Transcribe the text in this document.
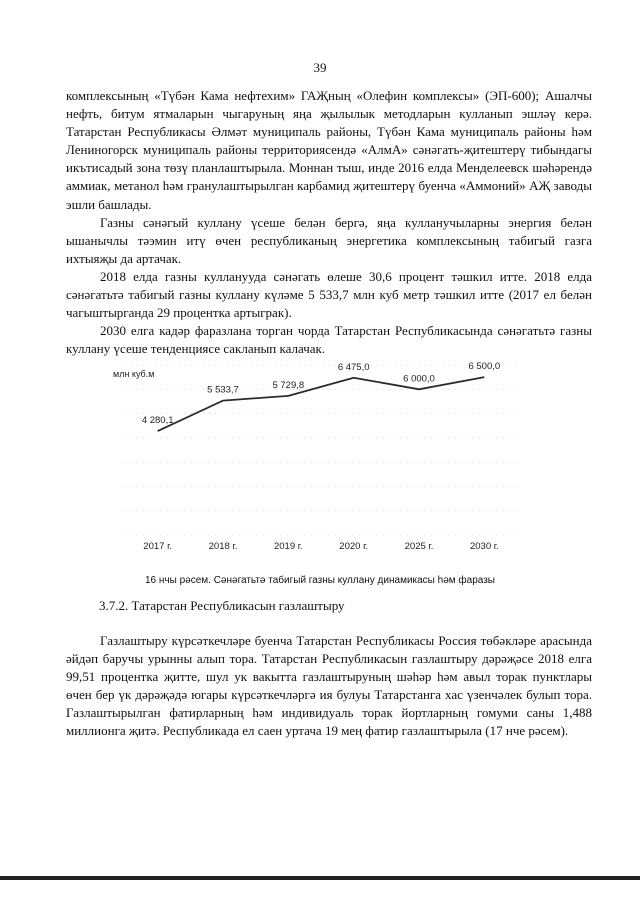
39

комплексының «Түбән Кама нефтехим» ГАҖның «Олефин комплексы» (ЭП-600); Ашалчы нефть, битум ятмаларын чыгаруның яңа җылылык методларын кулланып эшләү керә. Татарстан Республикасы Әлмәт муниципаль районы, Түбән Кама муниципаль районы һәм Лениногорск муниципаль районы территориясендә «АлмА» сәнәгать-җитештерү тибындагы икътисадый зона төзү планлаштырыла. Моннан тыш, инде 2016 елда Менделеевск шәһәрендә аммиак, метанол һәм гранулаштырылган карбамид җитештерү буенча «Аммоний» АҖ заводы эшли башлады.

Газны сәнәгый куллану үсеше белән бергә, яңа кулланучыларны энергия белән ышанычлы тәэмин итү өчен республиканың энергетика комплексының табигый газга ихтыяҗы да артачак.

2018 елда газны кулланууда сәнәгать өлеше 30,6 процент тәшкил итте. 2018 елда сәнәгатьтә табигый газны куллану күләме 5 533,7 млн куб метр тәшкил итте (2017 ел белән чагыштырганда 29 процентка артыграк).

2030 елга кадәр фаразлана торган чорда Татарстан Республикасында сәнәгатьтә газны куллану үсеше тенденциясе сакланып калачак.

млн куб.м
4 280,1
5 533,7	5 729,8
6 475,0
6 000,0
6 500,0
2017 г.	2018 г.	2019 г.	2020 г.	2025 г.	2030 г.
16 нчы рәсем. Сәнәгатьтә табигый газны куллану динамикасы һәм фаразы
3.7.2. Татарстан Республикасын газлаштыру

Газлаштыру күрсәткечләре буенча Татарстан Республикасы Россия төбәкләре арасында әйдәп баручы урынны алып тора. Татарстан Республикасын газлаштыру дәрәҗәсе 2018 елга 99,51 процентка җитте, шул ук вакытта газлаштыруның шәһәр һәм авыл торак пунктлары өчен бер үк дәрәҗәдә югары күрсәткечләргә ия булуы Татарстанга хас үзенчәлек булып тора. Газлаштырылган фатирларның һәм индивидуаль торак йортларның гомуми саны 1,488 миллионга җитә. Республикада ел саен уртача 19 мең фатир газлаштырыла (17 нче рәсем).
